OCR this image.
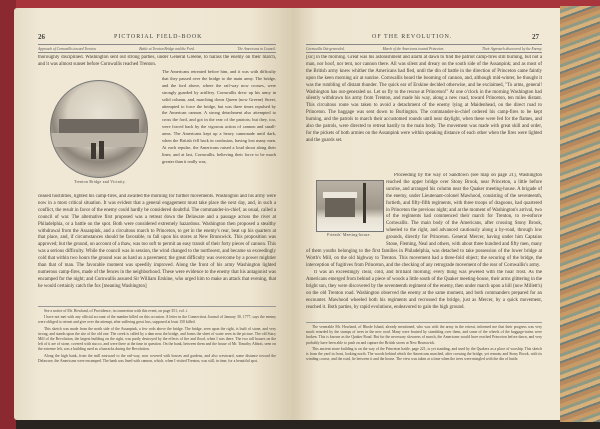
26	PICTORIAL FIELD-BOOK
Approach of Cornwallis toward Trenton.	Battle at Trenton Bridge and the Ford.	The Americans in Council.
Trenton Bridge and Vicinity.

thoroughly disciplined. Washington sent out strong parties, under General Greene, to harass the enemy on their march, and it was almost sunset before Cornwallis reached Trenton.

The Americans retreated before him, and it was with difficulty that they passed over the bridge to the main army. The bridge, and the ford above, where the rail-way now crosses, were strongly guarded by artillery. Cornwallis drew up his army in solid column, and, marching down Queen (now Greene) Street, attempted to force the bridge, but was three times repulsed by the American cannon. A strong detachment also attempted to cross the ford, and got in the rear of the patriots; but they, too, were forced back by the vigorous action of cannon and small-arms. The Americans kept up a heavy cannonade until dark, when the British fell back in confusion, having lost many men. At each repulse, the Americans raised a loud shout along their lines; and at last, Cornwallis, believing their force to be much greater than it really was,

ceased hostilities, lighted his camp-fires, and awaited the morning for further movements. Washington and his army were now in a most critical situation. It was evident that a general engagement must take place the next day, and, in such a conflict, the result in favor of the enemy could hardly be considered doubtful. The commander-in-chief, as usual, called a council of war. The alternative first proposed was a retreat down the Delaware and a passage across the river at Philadelphia, or a battle on the spot. Both were considered extremely hazardous. Washington then proposed a stealthy withdrawal from the Assanpink, and a circuitous march to Princeton, to get in the enemy's rear, beat up his quarters at that place, and, if circumstances should be favorable, to fall upon his stores at New Brunswick. This proposition was approved; but the ground, on account of a thaw, was too soft to permit an easy transit of their forty pieces of cannon. This was a serious difficulty. While the council was in session, the wind changed to the northwest, and became so exceedingly cold that within two hours the ground was as hard as a pavement; the great difficulty was overcome by a power mightier than that of man. The favorable moment was speedily improved. Along the front of his army Washington lighted numerous camp-fires, made of the fences in the neighborhood. These were evidence to the enemy that his antagonist was encamped for the night; and Cornwallis assured Sir William Erskine, who urged him to make an attack that evening, that he would certainly catch the fox [meaning Washington]

See a notice of Mr. Howland, of Providence, in connection with this event, on page 351, vol. i.

I have not met with any official account of the number killed on this occasion. A letter in the Connecticut Journal of January 30, 1777, says the enemy were obliged to retreat and give over the attempt, after suffering great loss, supposed at least 150 killed.

This sketch was made from the north side of the Assanpink, a few rods above the bridge. The bridge, seen upon the right, is built of stone, and very strong, and stands upon the site of the old one. The creek is called by a dam near the bridge, and forms the sheet of water seen in the picture. The old Stacy Mill of the Revolution, the largest building on the right, was partly destroyed by the effects of fire and flood, when I was there. The two tall houses on the left of it are of stone, covered with stucco, and were there at the time in question. On the bank, between them and the house of Mr. Timothy Abbott, seen on the extreme left, was a building used as a barracks during the Revolution.

Along the high bank, from the mill eastward to the rail-way, now covered with houses and gardens, and also westward, some distance toward the Delaware, the Americans were encamped. The bank was lined with cannon, which, when I visited Trenton, was still, in time, for a beautiful spot.

OF THE REVOLUTION.	27
Cornwallis Out-generaled.	March of the Americans toward Princeton.	Their Approach discovered by the Enemy.

[sic] in the morning. Great was his astonishment and alarm at dawn to find the patriot camp-fires still burning, but not a man, nor hoof, nor tent, nor cannon there. All was silent and dreary on the south side of the Assanpink; and as most of the British army knew whither the Americans had fled, until the din of battle in the direction of Princeton came faintly upon the keen morning air at sunrise. Cornwallis heard the booming of cannon, and, although mid-winter, he thought it was the rumbling of distant thunder. The quick ear of Erskine decided otherwise, and he exclaimed, "To arms, general! Washington has out-generaled us. Let us fly to the rescue at Princeton!" At one o'clock in the morning Washington had silently withdrawn his army from Trenton, and made his way, along a new road, toward Princeton, ten miles distant. This circuitous route was taken to avoid a detachment of the enemy lying at Maidenhead, on the direct road to Princeton. The baggage was sent down to Burlington. The commander-in-chief ordered his camp-fires to be kept burning, and the patrols to march their accustomed rounds until near daylight, when these were fed for the flames, and also the patrols, were directed to retreat hastily to the main body. The movement was made with great skill and order, for the pickets of both armies on the Assanpink were within speaking distance of each other when the fires were lighted and the guards set.

Friends' Meeting-house.

Proceeding by the way of Sandtown (see map on page 21), Washington reached the upper bridge over Stony Brook, near Princeton, a little before sunrise, and arranged his column near the Quaker meeting-house. A brigade of the enemy, under Lieutenant-colonel Mawhood, consisting of the seventeenth, fortieth, and fifty-fifth regiments, with three troops of dragoons, had quartered in Princeton the previous night; and at the moment of Washington's arrival, two of the regiments had commenced their march for Trenton, to re-enforce Cornwallis. The main body of the Americans, after crossing Stony Brook, wheeled to the right, and advanced cautiously along a by-road, through low grounds, directly for Princeton. General Mercer, having under him Captains Stone, Fleming, Neal and others, with about three hundred and fifty men, many of them youths belonging to the first families in Philadelphia, was detached to take possession of the lower bridge at Worth's Mill, on the old highway to Trenton. This movement had a three-fold object; the securing of the bridge, the interception of fugitives from Princeton, and the checking of any retrograde movement of the rear of Cornwallis's army.

It was an exceedingly clear, cold, and brilliant morning; every thing was jeweled with the hoar frost. As the Americans emerged from behind a piece of woods a little south of the Quaker meeting-house, their arms glittering in the bright sun, they were discovered by the seventeenth regiment of the enemy, then under march upon a hill (now Millett's) on the old Trenton road. Washington observed the enemy at the same moment, and both commanders prepared for an encounter. Mawhood wheeled both his regiments and recrossed the bridge, just as Mercer, by a quick movement, reached it. Both parties, by rapid evolutions, endeavored to gain the high ground.

The venerable Mr. Howland, of Rhode Island, already mentioned, who was with the army in the retreat, informed me that their progress was very much retarded by the stumps of trees in the new road. Many were bruised by stumbling over them, and some of the wheels of the baggage-trains were broken. This is known as the Quaker Road. But for the necessary slowness of march, the Americans would have reached Princeton before dawn, and very probably have been able to push on and capture the British stores at New Brunswick.

This ancient stone building is on the way of the Princeton battle, page 221, is yet standing, and used by the Quakers as a place of worship. This sketch is from the yard in front, looking north. The woods behind which the Americans marched, after crossing the bridge, yet remain; and Stony Brook, with its winding course, and the road, lie between it and the house. The view was taken at a time when the trees were mingled with the din of battle.
